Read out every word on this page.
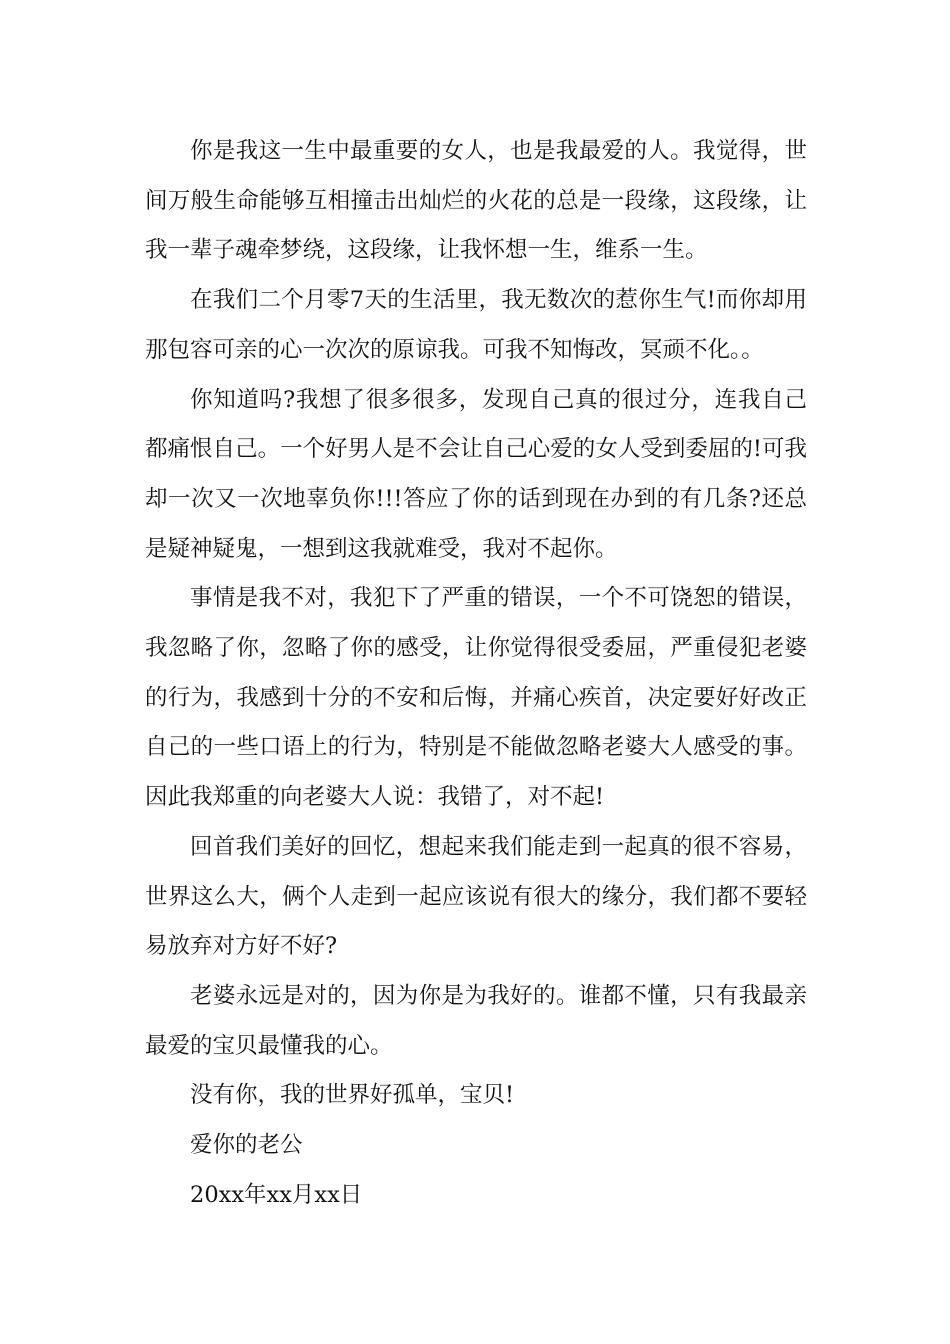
你是我这一生中最重要的女人，也是我最爱的人。我觉得，世间万般生命能够互相撞击出灿烂的火花的总是一段缘，这段缘，让我一辈子魂牵梦绕，这段缘，让我怀想一生，维系一生。

在我们二个月零7天的生活里，我无数次的惹你生气!而你却用那包容可亲的心一次次的原谅我。可我不知悔改，冥顽不化。。

你知道吗?我想了很多很多，发现自己真的很过分，连我自己都痛恨自己。一个好男人是不会让自己心爱的女人受到委屈的!可我却一次又一次地辜负你!!!答应了你的话到现在办到的有几条?还总是疑神疑鬼，一想到这我就难受，我对不起你。

事情是我不对，我犯下了严重的错误，一个不可饶恕的错误，我忽略了你，忽略了你的感受，让你觉得很受委屈，严重侵犯老婆的行为，我感到十分的不安和后悔，并痛心疾首，决定要好好改正自己的一些口语上的行为，特别是不能做忽略老婆大人感受的事。因此我郑重的向老婆大人说：我错了，对不起!

回首我们美好的回忆，想起来我们能走到一起真的很不容易，世界这么大，俩个人走到一起应该说有很大的缘分，我们都不要轻易放弃对方好不好?

老婆永远是对的，因为你是为我好的。谁都不懂，只有我最亲最爱的宝贝最懂我的心。

没有你，我的世界好孤单，宝贝!

爱你的老公

20xx年xx月xx日
